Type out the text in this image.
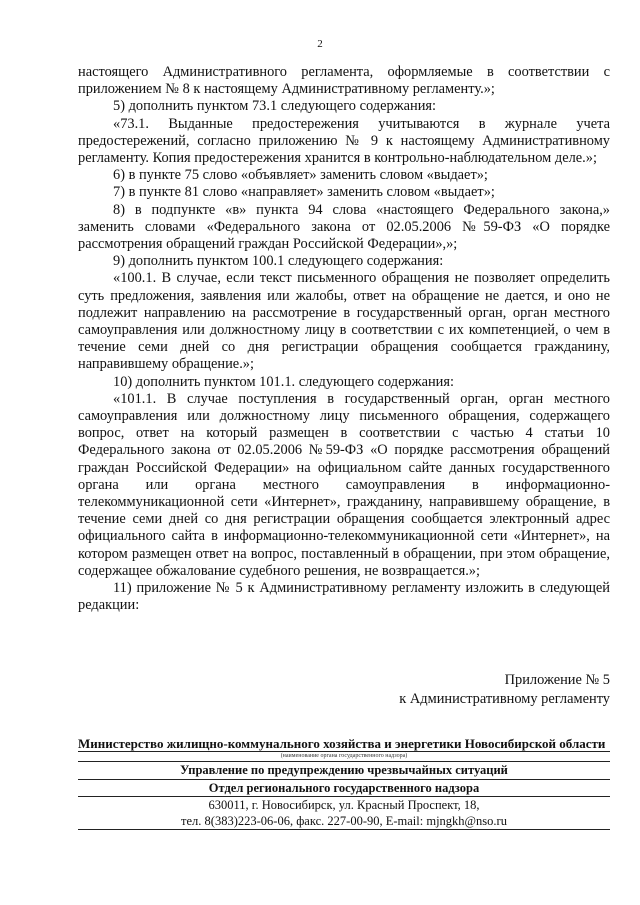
2

настоящего Административного регламента, оформляемые в соответствии с приложением № 8 к настоящему Административному регламенту.»;

5) дополнить пунктом 73.1 следующего содержания:

«73.1. Выданные предостережения учитываются в журнале учета предостережений, согласно приложению № 9 к настоящему Административному регламенту. Копия предостережения хранится в контрольно-наблюдательном деле.»;

6) в пункте 75 слово «объявляет» заменить словом «выдает»;

7) в пункте 81 слово «направляет» заменить словом «выдает»;

8) в подпункте «в» пункта 94 слова «настоящего Федерального закона,» заменить словами «Федерального закона от 02.05.2006 №59-ФЗ «О порядке рассмотрения обращений граждан Российской Федерации»,»;

9) дополнить пунктом 100.1 следующего содержания:

«100.1. В случае, если текст письменного обращения не позволяет определить суть предложения, заявления или жалобы, ответ на обращение не дается, и оно не подлежит направлению на рассмотрение в государственный орган, орган местного самоуправления или должностному лицу в соответствии с их компетенцией, о чем в течение семи дней со дня регистрации обращения сообщается гражданину, направившему обращение.»;

10) дополнить пунктом 101.1. следующего содержания:

«101.1. В случае поступления в государственный орган, орган местного самоуправления или должностному лицу письменного обращения, содержащего вопрос, ответ на который размещен в соответствии с частью 4 статьи 10 Федерального закона от 02.05.2006 №59-ФЗ «О порядке рассмотрения обращений граждан Российской Федерации» на официальном сайте данных государственного органа или органа местного самоуправления в информационно-телекоммуникационной сети «Интернет», гражданину, направившему обращение, в течение семи дней со дня регистрации обращения сообщается электронный адрес официального сайта в информационно-телекоммуникационной сети «Интернет», на котором размещен ответ на вопрос, поставленный в обращении, при этом обращение, содержащее обжалование судебного решения, не возвращается.»;

11) приложение № 5 к Административному регламенту изложить в следующей редакции:

Приложение № 5
к Административному регламенту
Министерство жилищно-коммунального хозяйства и энергетики Новосибирской области
(наименование органа государственного надзора)
Управление по предупреждению чрезвычайных ситуаций
Отдел регионального государственного надзора
630011, г. Новосибирск, ул. Красный Проспект, 18,
тел. 8(383)223-06-06, факс. 227-00-90, E-mail: mjngkh@nso.ru
